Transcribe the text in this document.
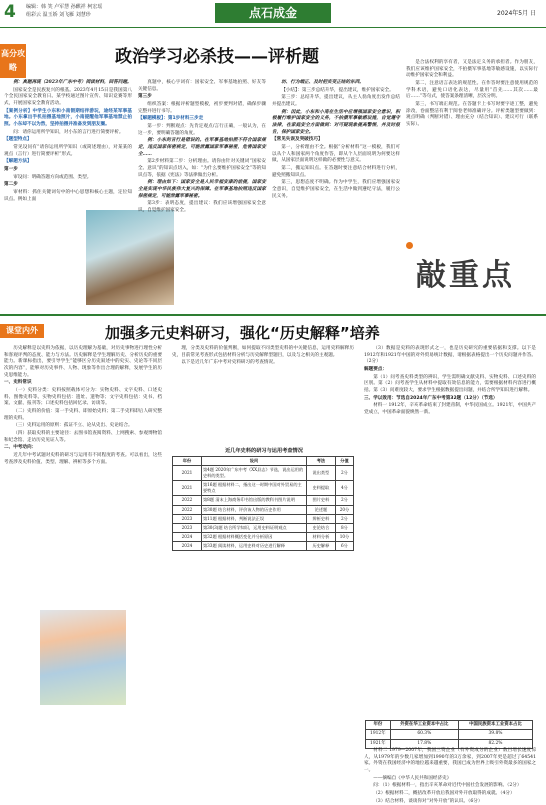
4 编辑：韩 笑 卢军慧 孙麒祥 柯宏瑶
组彩云 温玉娇 刘飞雁 刘慧珍	点石成金	2024年5月 日
高分攻略
政治学习必杀技——评析题

例：真题再现（2023年广东中考）阅读材料，回答问题。

国家安全是民族复兴的根基。2023年4月15日是我国第八个全民国家安全教育日。某学校通过图片宣传、知识竞赛等形式，开展国家安全教育活动。

【案例分析】中学生小东和小南假期结伴游玩，途经某军事基地。小东拿出手机拍摄基地照片，小南提醒他军事基地禁止拍照。小东却不以为然，坚持拍摄并准备发到朋友圈。

问：请你运用所学知识，对小东的言行进行简要评析。

【题型特点】

常见设问有“请你运用所学知识（或简述理由），对某某的观点（言行）进行简要评析”形式。

【解题方法】

第一步

审设问：明确答题方向或范围、类型。

第二步

审材料：抓住关键词句中的中心思想和核心主题，定位知识点。例如上面

真题中，核心字词有：国家安全、军事基地拍照、好友等关键信息。

第三步

组织答案：根据评析题型模板，初步要判对错，确保步骤完整并进行书写。

【解题模板】：第1步材料三步走

第一步：判断观点：先肯定观点/言行正确，一般认为，在这一步，要明确答题的角度。

例：小东的言行是错误的。在军事基地拍照不符合国家规定，违反国家保密规定，可能泄露国家军事秘密，危害国家安全……

第2步材料第二步：分析理由。请你由针对关键词“国家安全、意识”的知识点切入，如：“为什么要维护国家安全”等的知识点等，依据《宪法》等法律做出分析。

例：理由如下：国家安全是人民幸福安康的前提，国家安全是实现中华民族伟大复兴的保障。在军事基地拍照违反国家保密规定，可能泄露军事秘密。

第3步：表明态度，提出建议：我们应该增强国家安全意识，自觉维护国家安全。

坊、行为端正、及时把实变正结的东西。

【小结】：第三步总结升华，提出建议，维护国家安全。

第三步：总结升华，提出建议，从主人翁角度出发作总结并提出建议。

例：因此，小东和小南在生活中应增强国家安全意识，积极履行维护国家安全的义务，不拍摄军事敏感设施，自觉遵守法律，在家庭安全方面做到：对可疑现象提高警惕，并及时报告，保护国家安全。

【常见失误及突破技巧】

第一，分析理由不全。根据“分析材料”这一模板，我们可以从个人和国家两个角度作答，即从个人层面说明为何要这样做，从国家层面说明这样做的必要性与意义。

第二，搬运知识点。在答题时要注意结合材料进行分析，避免照搬知识点。

第三，思想态度不明确。作为中学生，我们应增强国家安全意识，自觉维护国家安全，在生活中做到遵纪守法，履行公民义务。

是合法权利的享有者，又是法定义务的承担者。作为朋友，我们应该维护国家安全，不拍摄军事基地等敏感设施，以实际行动维护国家安全和利益。

第二，注意语言表达的规范性。在作答时要注意使用规范的学科术语，避免口语化表达，尽量用“首先……其次……最后……”等句式，使答案条理清晰，层次分明。

第三，书写端正规范。在答题卡上书写时要字迹工整，避免涂改，卷面整洁有利于阅卷老师准确评分。评析类题型要做到：观点明确（判断对错）、理由充分（结合知识）、建议可行（联系实际）。

敲重点
课堂内外	加强多元史料研习，强化“历史解释”培养

历史解释是以史料为依据，以历史理解为基础，对历史事物进行理性分析和客观评判的态度、能力与方法。历史解释是学生理解历史、分析历史的重要能力。新课标指出，要引导学生“能够区分历史叙述中的史实、史论等不同层次的内容”，能够对历史事件、人物、现象等作出合理的解释，发展学生的历史思维能力。

一、史料常识

（一）史料分类：史料按照载体可分为：实物史料、文字史料、口述史料、图像史料等。实物史料包括：遗址、遗物等；文字史料包括：史书、档案、文献、报刊等；口述史料包括回忆录、访谈等。

（二）史料的价值：第一手史料、即原始史料；第二手史料即后人研究整理的史料。

（三）史料运用的原则：孤证不立、论从史出、史论结合。

（四）获取史料的主要途径：去图书馆查阅资料、上网搜索、参观博物馆和纪念馆、走访历史见证人等。

二、中考动向：

近几年中考试题对史料的研习与运用有不同程度的考查。可以看出，这些考查涉及史料价值、类型、理解、辨析等多个方面。

理，分类及史料的价值判断，如何提取不同类型史料的中关键信息，运用史料解释历史，目前常见考查形式包括材料分析与历史解释型题目，以及与之相关的主观题。

以下是近几年广东中考对史料研习的考查情况。

近几年史料的研习与运用考查情况
年份	设问	考法	分值
2021	第4题 2020年广东中考《XX县志》节选，说出运用的史料的类型。	说出类型	2分
2021	第16题 根据材料二，指出这一时期中国对外贸易的主要特点	史料提取	4分
2022	第8题 清末上海商务印书馆出版的教科书图片说明	图片史料	2分
2022	第30题 结合材料，评价该人物的历史作用	论述题	20分
2023	第11题 根据材料，判断说法正误	辨析史料	2分
2023	第30(3)题 结合所学知识，运用史料证明观点	史论结合	8分
2024	第32题 根据材料概括变化并分析原因	材料分析	10分
2024	第33题 阅读材料，运用史料对历史进行解释	历史解释	6分

（3）数据是史料的表现形式之一，也是历史研究的重要依据和支撑。以下是1912年和1921年中国的对外贸易统计数据，请根据表格提出一个历史问题并作答。（2分）

解题要点：

第（1）问考查史料类型的辨识，学生需明确文献史料、实物史料、口述史料的区别。第（2）问考查学生从材料中提取有效信息的能力，需要根据材料内容进行概括。第（3）问难度较大，要求学生根据数据提出问题，并结合所学知识进行解释。

三、学以致用：节选自2024年广东中考第32题（12分）（节选）

材料一 1912年，辛亥革命结束了封建帝制，中华民国成立。1921年，中国共产党成立，中国革命面貌焕然一新。

年份	外资在华工业资本中占比	中国民族资本工业资本占比
1912年	60.3%	39.8%
1921年	17.8%	82.2%

材料二 1979—2007年，我国三资企业（有外资成分的企业）数目增长速度惊人，从1979年的少数几家增加到1990年的3万余家，到2007年更是超过了64541家。外资在我国经济中的地位越来越重要，我国已成为世界上吸引外资最多的国家之一。

——摘编自《中华人民共和国经济史》

问：（1）根据材料一，指出辛亥革命对近代中国社会发展的影响。（2分）

（2）根据材料二，概括改革开放后我国对外开放取得的成就。（4分）

（3）结合材料，谈谈你对“对外开放”的认识。（6分）
